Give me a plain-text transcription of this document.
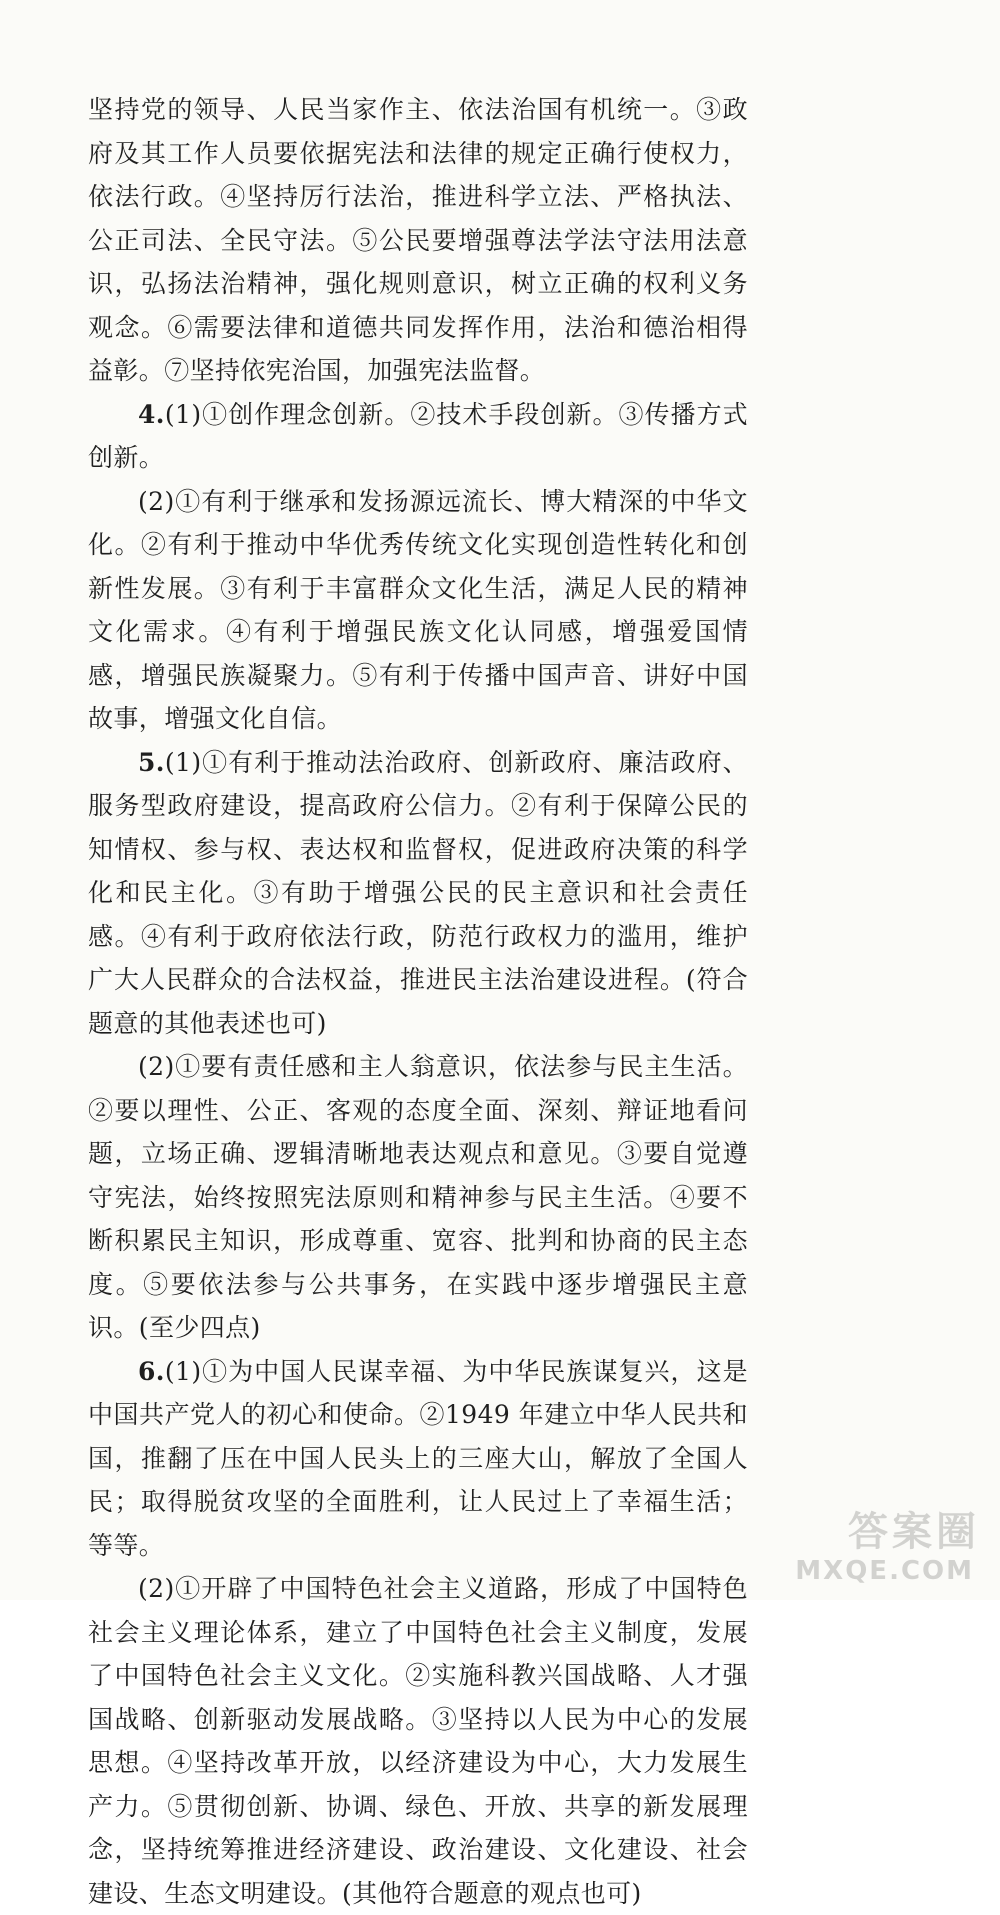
坚持党的领导、人民当家作主、依法治国有机统一。③政府及其工作人员要依据宪法和法律的规定正确行使权力，依法行政。④坚持厉行法治，推进科学立法、严格执法、公正司法、全民守法。⑤公民要增强尊法学法守法用法意识，弘扬法治精神，强化规则意识，树立正确的权利义务观念。⑥需要法律和道德共同发挥作用，法治和德治相得益彰。⑦坚持依宪治国，加强宪法监督。

4.(1)①创作理念创新。②技术手段创新。③传播方式创新。

(2)①有利于继承和发扬源远流长、博大精深的中华文化。②有利于推动中华优秀传统文化实现创造性转化和创新性发展。③有利于丰富群众文化生活，满足人民的精神文化需求。④有利于增强民族文化认同感，增强爱国情感，增强民族凝聚力。⑤有利于传播中国声音、讲好中国故事，增强文化自信。

5.(1)①有利于推动法治政府、创新政府、廉洁政府、服务型政府建设，提高政府公信力。②有利于保障公民的知情权、参与权、表达权和监督权，促进政府决策的科学化和民主化。③有助于增强公民的民主意识和社会责任感。④有利于政府依法行政，防范行政权力的滥用，维护广大人民群众的合法权益，推进民主法治建设进程。(符合题意的其他表述也可)

(2)①要有责任感和主人翁意识，依法参与民主生活。②要以理性、公正、客观的态度全面、深刻、辩证地看问题，立场正确、逻辑清晰地表达观点和意见。③要自觉遵守宪法，始终按照宪法原则和精神参与民主生活。④要不断积累民主知识，形成尊重、宽容、批判和协商的民主态度。⑤要依法参与公共事务，在实践中逐步增强民主意识。(至少四点)

6.(1)①为中国人民谋幸福、为中华民族谋复兴，这是中国共产党人的初心和使命。②1949 年建立中华人民共和国，推翻了压在中国人民头上的三座大山，解放了全国人民；取得脱贫攻坚的全面胜利，让人民过上了幸福生活；等等。

(2)①开辟了中国特色社会主义道路，形成了中国特色社会主义理论体系，建立了中国特色社会主义制度，发展了中国特色社会主义文化。②实施科教兴国战略、人才强国战略、创新驱动发展战略。③坚持以人民为中心的发展思想。④坚持改革开放，以经济建设为中心，大力发展生产力。⑤贯彻创新、协调、绿色、开放、共享的新发展理念，坚持统筹推进经济建设、政治建设、文化建设、社会建设、生态文明建设。(其他符合题意的观点也可)

答案圈
MXQE.COM
